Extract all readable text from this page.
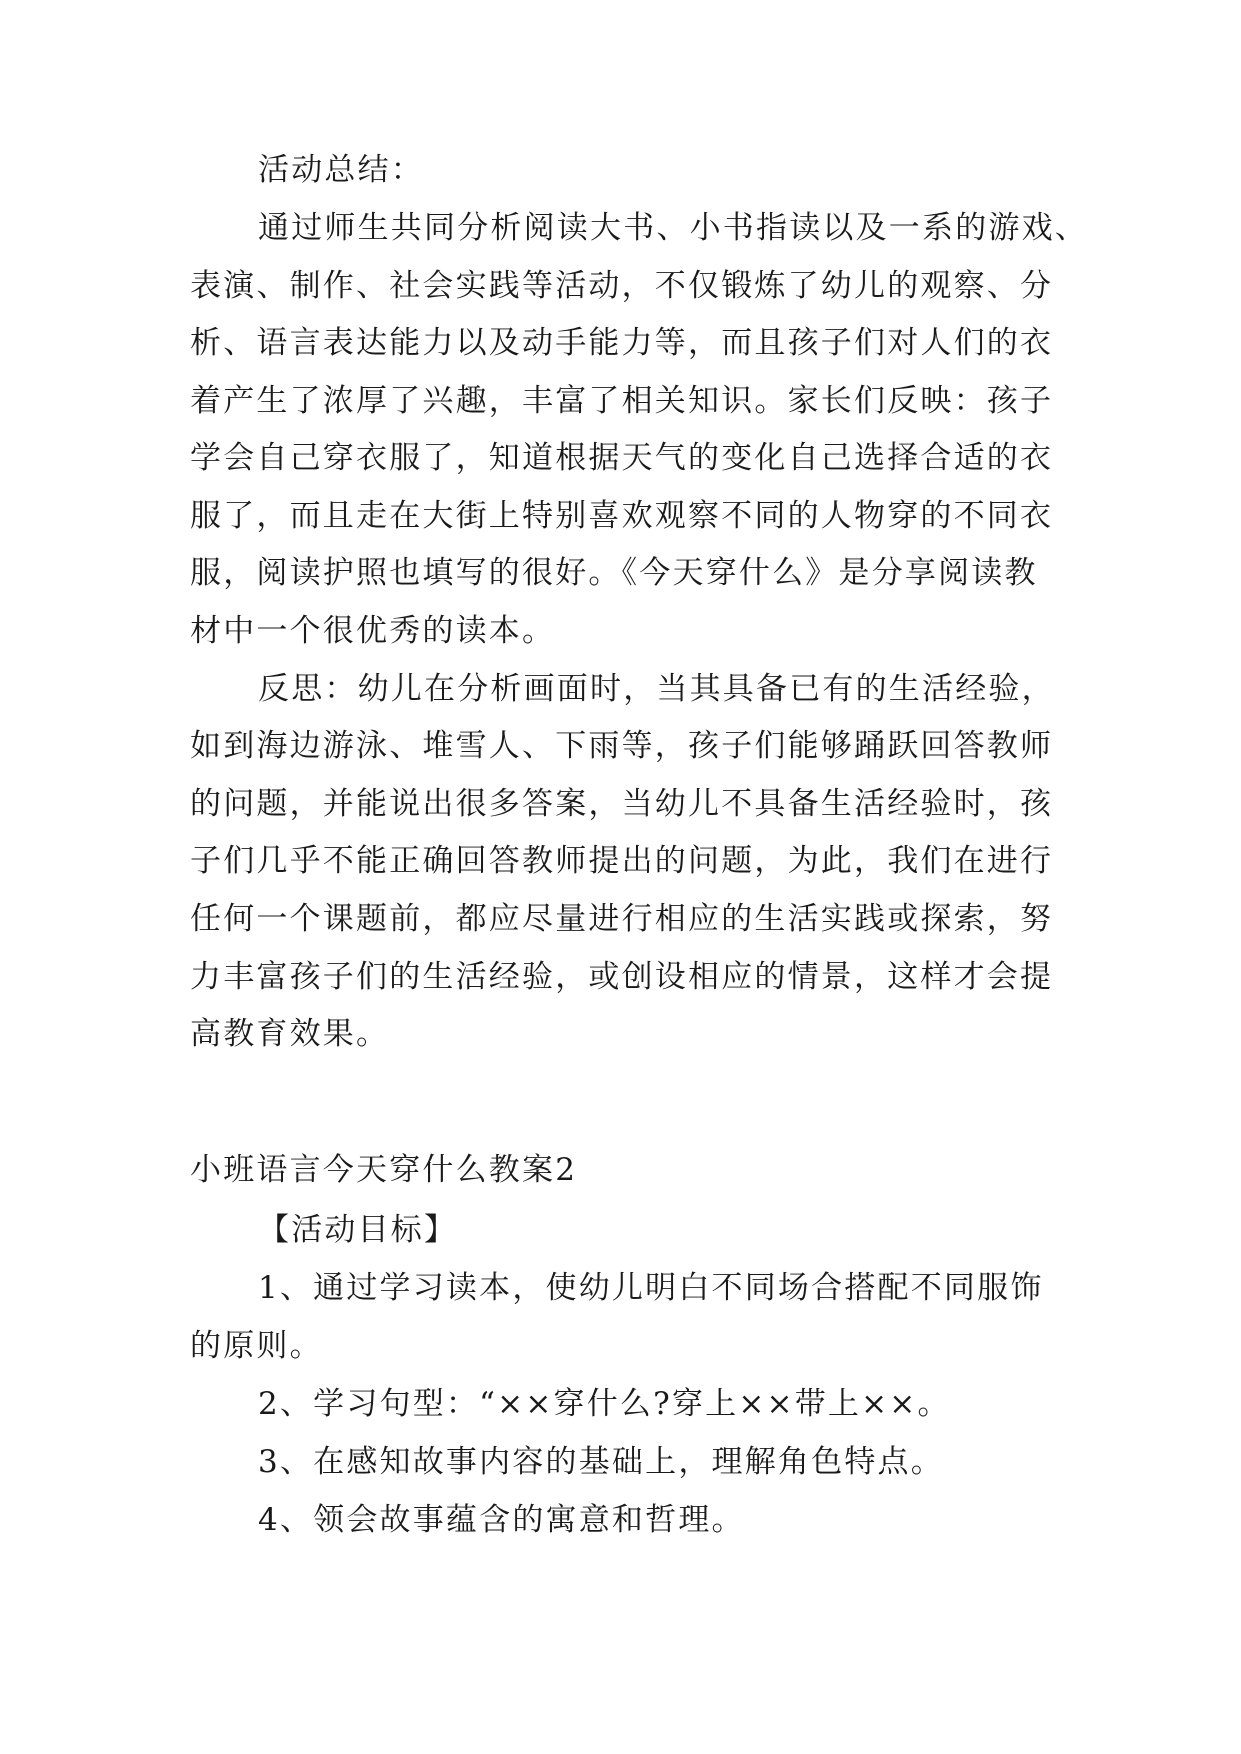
活动总结：
通过师生共同分析阅读大书、小书指读以及一系的游戏、
表演、制作、社会实践等活动，不仅锻炼了幼儿的观察、分
析、语言表达能力以及动手能力等，而且孩子们对人们的衣
着产生了浓厚了兴趣，丰富了相关知识。家长们反映：孩子
学会自己穿衣服了，知道根据天气的变化自己选择合适的衣
服了，而且走在大街上特别喜欢观察不同的人物穿的不同衣
服，阅读护照也填写的很好。《今天穿什么》是分享阅读教
材中一个很优秀的读本。
反思：幼儿在分析画面时，当其具备已有的生活经验，
如到海边游泳、堆雪人、下雨等，孩子们能够踊跃回答教师
的问题，并能说出很多答案，当幼儿不具备生活经验时，孩
子们几乎不能正确回答教师提出的问题，为此，我们在进行
任何一个课题前，都应尽量进行相应的生活实践或探索，努
力丰富孩子们的生活经验，或创设相应的情景，这样才会提
高教育效果。
小班语言今天穿什么教案2
【活动目标】
1、通过学习读本，使幼儿明白不同场合搭配不同服饰
的原则。
2、学习句型：“××穿什么?穿上××带上××。
3、在感知故事内容的基础上，理解角色特点。
4、领会故事蕴含的寓意和哲理。
